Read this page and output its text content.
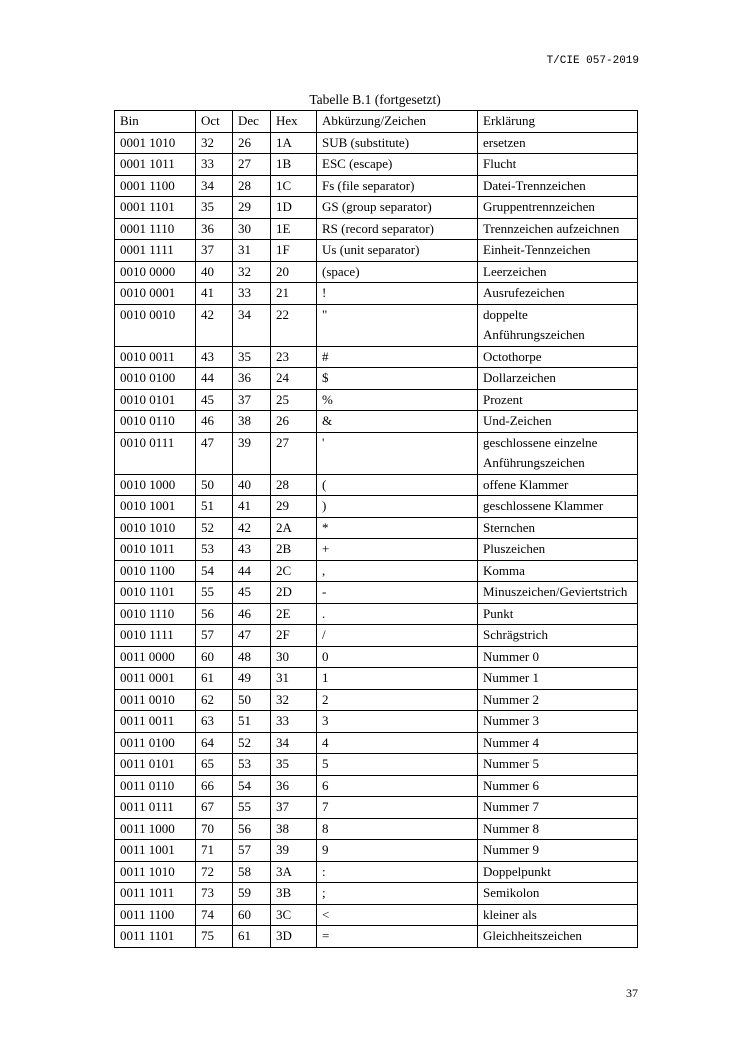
T/CIE 057-2019
Tabelle B.1 (fortgesetzt)
Bin	Oct	Dec	Hex	Abkürzung/Zeichen	Erklärung
0001 1010	32	26	1A	SUB (substitute)	ersetzen
0001 1011	33	27	1B	ESC (escape)	Flucht
0001 1100	34	28	1C	Fs (file separator)	Datei-Trennzeichen
0001 1101	35	29	1D	GS (group separator)	Gruppentrennzeichen
0001 1110	36	30	1E	RS (record separator)	Trennzeichen aufzeichnen
0001 1111	37	31	1F	Us (unit separator)	Einheit-Tennzeichen
0010 0000	40	32	20	(space)	Leerzeichen
0010 0001	41	33	21	!	Ausrufezeichen
0010 0010	42	34	22	"	doppelte Anführungszeichen
0010 0011	43	35	23	#	Octothorpe
0010 0100	44	36	24	$	Dollarzeichen
0010 0101	45	37	25	%	Prozent
0010 0110	46	38	26	&	Und-Zeichen
0010 0111	47	39	27	'	geschlossene einzelne Anführungszeichen
0010 1000	50	40	28	(	offene Klammer
0010 1001	51	41	29	)	geschlossene Klammer
0010 1010	52	42	2A	*	Sternchen
0010 1011	53	43	2B	+	Pluszeichen
0010 1100	54	44	2C	,	Komma
0010 1101	55	45	2D	-	Minuszeichen/Geviertstrich
0010 1110	56	46	2E	.	Punkt
0010 1111	57	47	2F	/	Schrägstrich
0011 0000	60	48	30	0	Nummer 0
0011 0001	61	49	31	1	Nummer 1
0011 0010	62	50	32	2	Nummer 2
0011 0011	63	51	33	3	Nummer 3
0011 0100	64	52	34	4	Nummer 4
0011 0101	65	53	35	5	Nummer 5
0011 0110	66	54	36	6	Nummer 6
0011 0111	67	55	37	7	Nummer 7
0011 1000	70	56	38	8	Nummer 8
0011 1001	71	57	39	9	Nummer 9
0011 1010	72	58	3A	:	Doppelpunkt
0011 1011	73	59	3B	;	Semikolon
0011 1100	74	60	3C	<	kleiner als
0011 1101	75	61	3D	=	Gleichheitszeichen
37
